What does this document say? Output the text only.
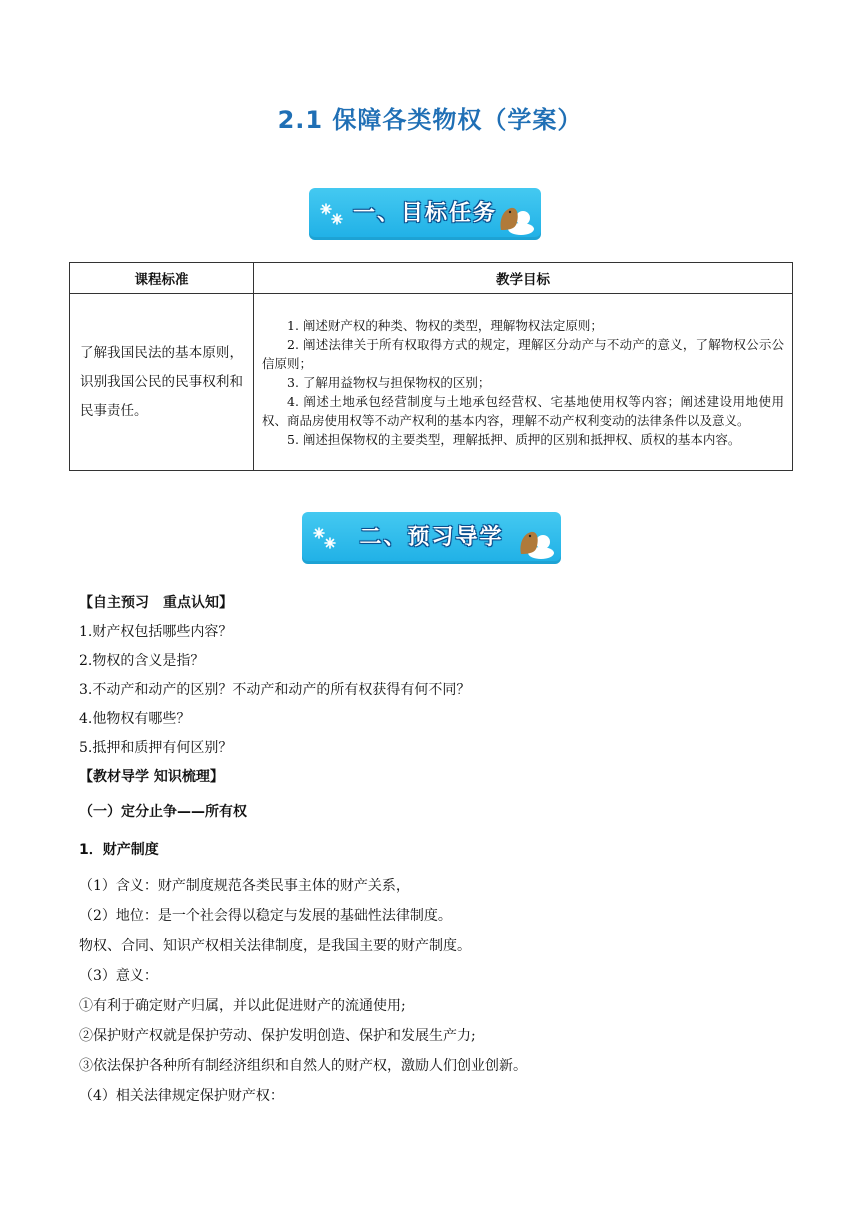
2.1 保障各类物权（学案）
一、目标任务
课程标准	教学目标
了解我国民法的基本原则，识别我国公民的民事权利和民事责任。	1. 阐述财产权的种类、物权的类型，理解物权法定原则；

2. 阐述法律关于所有权取得方式的规定，理解区分动产与不动产的意义，了解物权公示公信原则；

3. 了解用益物权与担保物权的区别；

4. 阐述土地承包经营制度与土地承包经营权、宅基地使用权等内容；阐述建设用地使用权、商品房使用权等不动产权利的基本内容，理解不动产权利变动的法律条件以及意义。

5. 阐述担保物权的主要类型，理解抵押、质押的区别和抵押权、质权的基本内容。

二、预习导学
【自主预习　重点认知】
1.财产权包括哪些内容？
2.物权的含义是指？
3.不动产和动产的区别？不动产和动产的所有权获得有何不同？
4.他物权有哪些？
5.抵押和质押有何区别？
【教材导学 知识梳理】
（一）定分止争——所有权
1．财产制度
（1）含义：财产制度规范各类民事主体的财产关系，
（2）地位：是一个社会得以稳定与发展的基础性法律制度。
物权、合同、知识产权相关法律制度，是我国主要的财产制度。
（3）意义：
①有利于确定财产归属，并以此促进财产的流通使用;
②保护财产权就是保护劳动、保护发明创造、保护和发展生产力;
③依法保护各种所有制经济组织和自然人的财产权，激励人们创业创新。
（4）相关法律规定保护财产权：
